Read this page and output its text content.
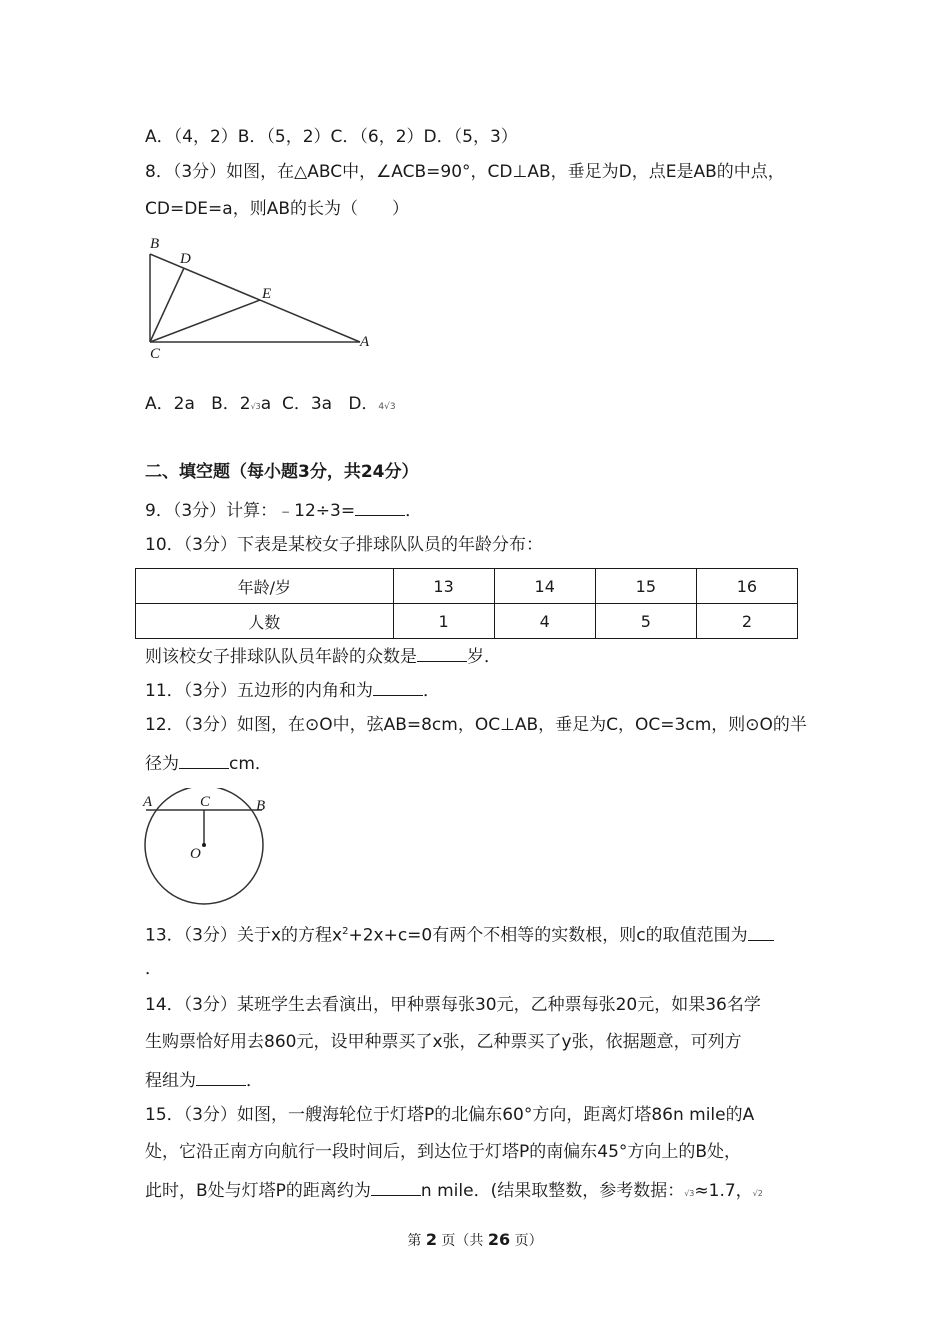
A．（4，2）B．（5，2）C．（6，2）D．（5，3）
8．（3分）如图，在△ABC中，∠ACB=90°，CD⊥AB，垂足为D，点E是AB的中点，
CD=DE=a，则AB的长为（　　）
B
D
E
C
A
A．2a B．2√3a C．3a D．4√3
二、填空题（每小题3分，共24分）
9．（3分）计算：﹣12÷3=	．
10．（3分）下表是某校女子排球队队员的年龄分布：
年龄/岁	13	14	15	16
人数	1	4	5	2
则该校女子排球队队员年龄的众数是	岁．
11．（3分）五边形的内角和为	．
12．（3分）如图，在⊙O中，弦AB=8cm，OC⊥AB，垂足为C，OC=3cm，则⊙O的半
径为	cm．
A	C	B
O
13．（3分）关于x的方程$x^2+2x+c=0$有两个不相等的实数根，则c的取值范围为
．
14．（3分）某班学生去看演出，甲种票每张30元，乙种票每张20元，如果36名学
生购票恰好用去860元，设甲种票买了x张，乙种票买了y张，依据题意，可列方
程组为	．
15．（3分）如图，一艘海轮位于灯塔P的北偏东60°方向，距离灯塔86n mile的A
处，它沿正南方向航行一段时间后，到达位于灯塔P的南偏东45°方向上的B处，
此时，B处与灯塔P的距离约为	n mile．(结果取整数，参考数据：√3≈1.7，√2
第 2 页（共 26 页）
